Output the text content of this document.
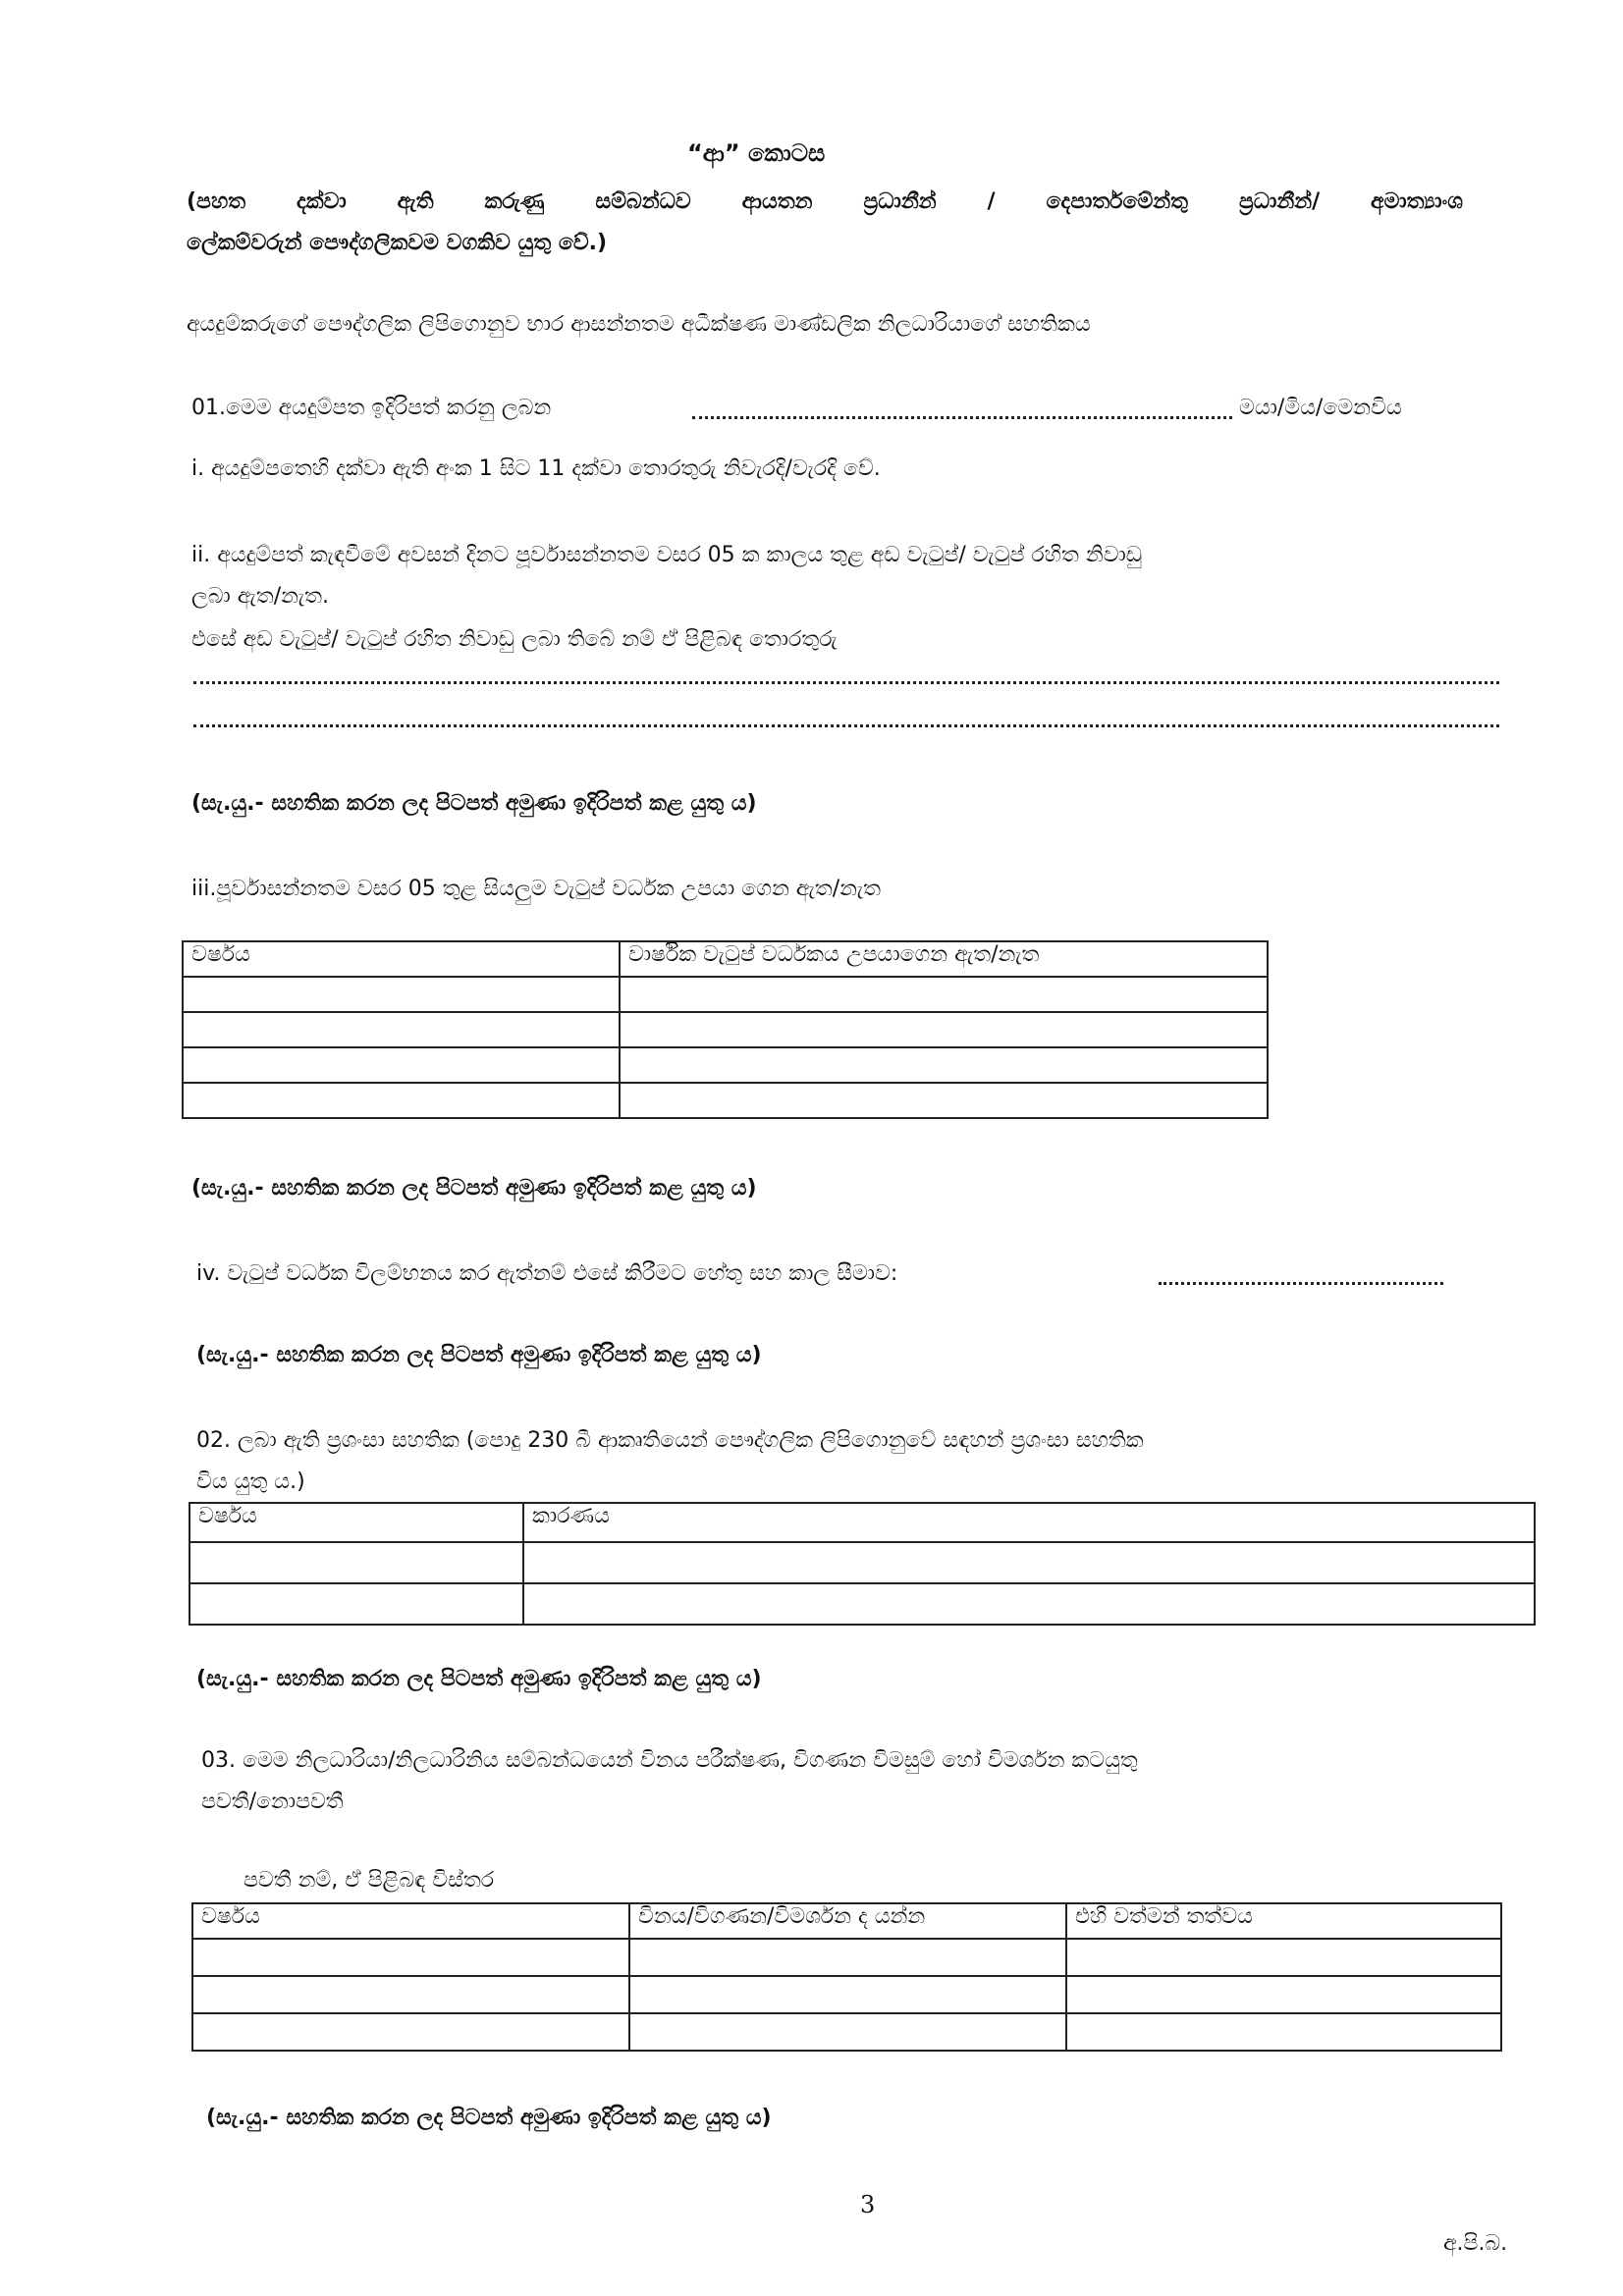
“ආ” කොටස
(පහත දක්වා ඇති කරුණු සම්බන්ධව ආයතන ප්‍රධානීන් / දෙපාර්තමේන්තු ප්‍රධානීන්/ අමාත්‍යාංශ
ලේකම්වරුන් පෞද්ගලිකවම වගකිව යුතු වේ.)
අයදුම්කරුගේ පෞද්ගලික ලිපිගොනුව භාර ආසන්නතම අධීක්ෂණ මාණ්ඩලික නිලධාරියාගේ සහතිකය
01.මෙම අයදුම්පත ඉදිරිපත් කරනු ලබන	මයා/මිය/මෙනවිය
i. අයදුම්පතෙහි දක්වා ඇති අංක 1 සිට 11 දක්වා තොරතුරු නිවැරදි/වැරදි වේ.
ii. අයදුම්පත් කැඳවීමේ අවසන් දිනට පූර්වාසන්නතම වසර 05 ක කාලය තුළ අඩ වැටුප්/ වැටුප් රහිත නිවාඩු
ලබා ඇත/නැත.
එසේ අඩ වැටුප්/ වැටුප් රහිත නිවාඩු ලබා තිබේ නම් ඒ පිළිබඳ තොරතුරු
(සැ.යු.- සහතික කරන ලද පිටපත් අමුණා ඉදිරිපත් කළ යුතු ය)
iii.පූර්වාසන්නතම වසර 05 තුළ සියලුම වැටුප් වර්ධක උපයා ගෙන ඇත/නැත
වර්ෂය	වාර්ෂික වැටුප් වර්ධකය උපයාගෙන ඇත/නැත

(සැ.යු.- සහතික කරන ලද පිටපත් අමුණා ඉදිරිපත් කළ යුතු ය)
iv. වැටුප් වර්ධක විලම්භනය කර ඇත්නම් එසේ කිරීමට හේතු සහ කාල සීමාව:
(සැ.යු.- සහතික කරන ලද පිටපත් අමුණා ඉදිරිපත් කළ යුතු ය)
02. ලබා ඇති ප්‍රශංසා සහතික (පොදු 230 බී ආකෘතියෙන් පෞද්ගලික ලිපිගොනුවේ සඳහන් ප්‍රශංසා සහතික
විය යුතු ය.)
වර්ෂය	කාරණය

(සැ.යු.- සහතික කරන ලද පිටපත් අමුණා ඉදිරිපත් කළ යුතු ය)
03. මෙම නිලධාරියා/නිලධාරිනිය සම්බන්ධයෙන් විනය පරීක්ෂණ, විගණන විමසුම් හෝ විමර්ශන කටයුතු
පවතී/නොපවතී
පවතී නම්, ඒ පිළිබඳ විස්තර
වර්ෂය	විනය/විගණන/විමර්ශන ද යන්න	එහි වත්මන් තත්වය

(සැ.යු.- සහතික කරන ලද පිටපත් අමුණා ඉදිරිපත් කළ යුතු ය)
3
අ.පි.බ.
